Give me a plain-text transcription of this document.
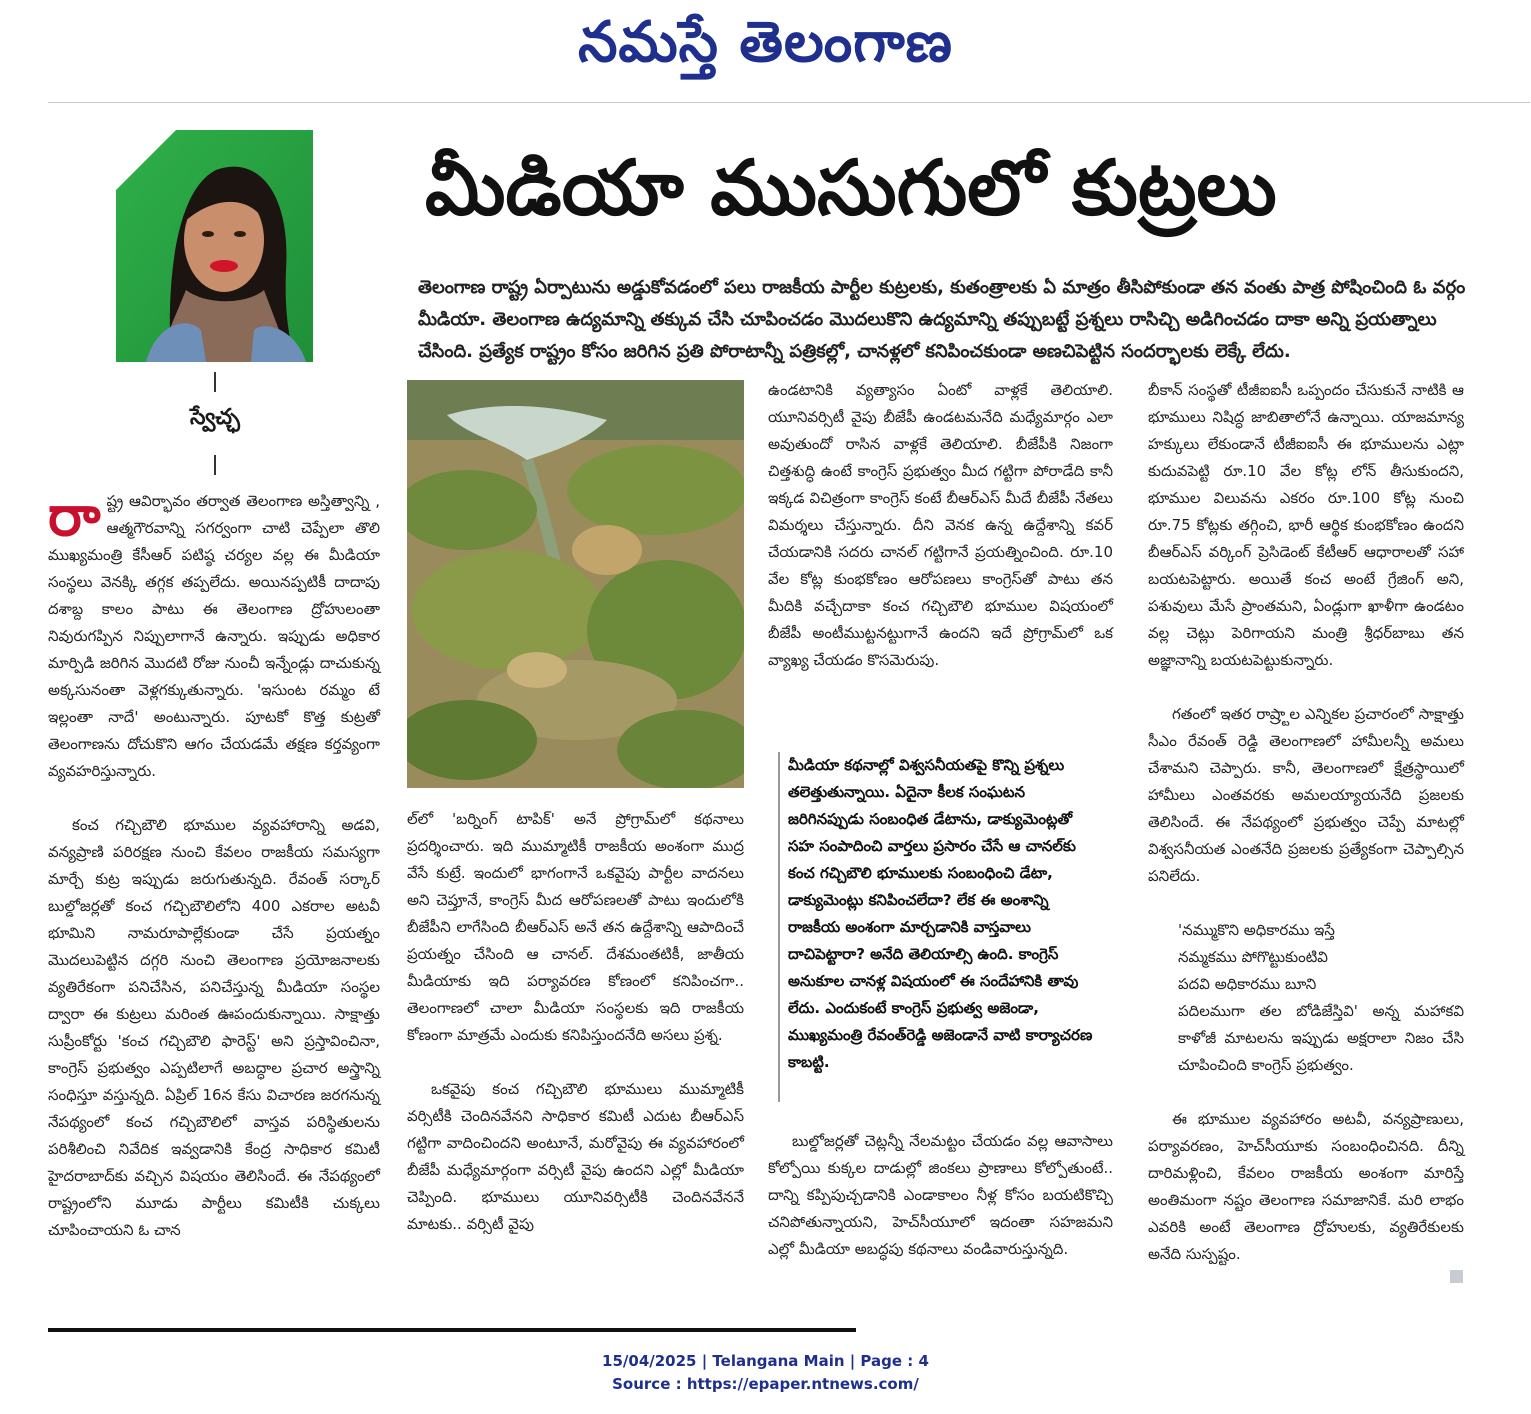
నమస్తే తెలంగాణ
స్వేచ్ఛ
మీడియా ముసుగులో కుట్రలు
తెలంగాణ రాష్ట్ర ఏర్పాటును అడ్డుకోవడంలో పలు రాజకీయ పార్టీల కుట్రలకు, కుతంత్రాలకు ఏ మాత్రం తీసిపోకుండా తన వంతు పాత్ర పోషించింది ఓ వర్గం మీడియా. తెలంగాణ ఉద్యమాన్ని తక్కువ చేసి చూపించడం మొదలుకొని ఉద్యమాన్ని తప్పుబట్టే ప్రశ్నలు రాసిచ్చి అడిగించడం దాకా అన్ని ప్రయత్నాలు చేసింది. ప్రత్యేక రాష్ట్రం కోసం జరిగిన ప్రతి పోరాటాన్నీ పత్రికల్లో, చానళ్లలో కనిపించకుండా అణచిపెట్టిన సందర్భాలకు లెక్కే లేదు.

రాష్ట్ర ఆవిర్భావం తర్వాత తెలంగాణ అస్తిత్వాన్ని , ఆత్మగౌరవాన్ని సగర్వంగా చాటి చెప్పేలా తొలి ముఖ్యమంత్రి కేసీఆర్ పటిష్ఠ చర్యల వల్ల ఈ మీడియా సంస్థలు వెనక్కి తగ్గక తప్పలేదు. అయినప్పటికీ దాదాపు దశాబ్ద కాలం పాటు ఈ తెలంగాణ ద్రోహులంతా నివురుగప్పిన నిప్పులాగానే ఉన్నారు. ఇప్పుడు అధికార మార్పిడి జరిగిన మొదటి రోజు నుంచీ ఇన్నేండ్లు దాచుకున్న అక్కసునంతా వెళ్లగక్కుతున్నారు. 'ఇసుంట రమ్మం టే ఇల్లంతా నాదే' అంటున్నారు. పూటకో కొత్త కుట్రతో తెలంగాణను దోచుకొని ఆగం చేయడమే తక్షణ కర్తవ్యంగా వ్యవహరిస్తున్నారు.

కంచ గచ్చిబౌలి భూముల వ్యవహారాన్ని అడవి, వన్యప్రాణి పరిరక్షణ నుంచి కేవలం రాజకీయ సమస్యగా మార్చే కుట్ర ఇప్పుడు జరుగుతున్నది. రేవంత్ సర్కార్ బుల్డోజర్లతో కంచ గచ్చిబౌలిలోని 400 ఎకరాల అటవీ భూమిని నామరూపాల్లేకుండా చేసే ప్రయత్నం మొదలుపెట్టిన దగ్గరి నుంచి తెలంగాణ ప్రయోజనాలకు వ్యతిరేకంగా పనిచేసిన, పనిచేస్తున్న మీడియా సంస్థల ద్వారా ఈ కుట్రలు మరింత ఊపందుకున్నాయి. సాక్షాత్తు సుప్రీంకోర్టు 'కంచ గచ్చిబౌలి ఫారెస్ట్' అని ప్రస్తావించినా, కాంగ్రెస్ ప్రభుత్వం ఎప్పటిలాగే అబద్ధాల ప్రచార అస్త్రాన్ని సంధిస్తూ వస్తున్నది. ఏప్రిల్ 16న కేసు విచారణ జరగనున్న నేపథ్యంలో కంచ గచ్చిబౌలిలో వాస్తవ పరిస్థితులను పరిశీలించి నివేదిక ఇవ్వడానికి కేంద్ర సాధికార కమిటీ హైదరాబాద్‌కు వచ్చిన విషయం తెలిసిందే. ఈ నేపథ్యంలో రాష్ట్రంలోని మూడు పార్టీలు కమిటీకి చుక్కలు చూపించాయని ఓ చాన

ల్‌లో 'బర్నింగ్ టాపిక్' అనే ప్రోగ్రామ్‌లో కథనాలు ప్రదర్శించారు. ఇది ముమ్మాటికీ రాజకీయ అంశంగా ముద్ర వేసే కుట్రే. ఇందులో భాగంగానే ఒకవైపు పార్టీల వాదనలు అని చెప్తూనే, కాంగ్రెస్ మీద ఆరోపణలతో పాటు ఇందులోకి బీజేపీని లాగేసింది బీఆర్ఎస్ అనే తన ఉద్దేశాన్ని ఆపాదించే ప్రయత్నం చేసింది ఆ చానల్. దేశమంతటికీ, జాతీయ మీడియాకు ఇది పర్యావరణ కోణంలో కనిపించగా.. తెలంగాణలో చాలా మీడియా సంస్థలకు ఇది రాజకీయ కోణంగా మాత్రమే ఎందుకు కనిపిస్తుందనేది అసలు ప్రశ్న.

ఒకవైపు కంచ గచ్చిబౌలి భూములు ముమ్మాటికీ వర్సిటీకి చెందినవేనని సాధికార కమిటీ ఎదుట బీఆర్ఎస్ గట్టిగా వాదించిందని అంటూనే, మరోవైపు ఈ వ్యవహారంలో బీజేపీ మధ్యేమార్గంగా వర్సిటీ వైపు ఉందని ఎల్లో మీడియా చెప్పింది. భూములు యూనివర్సిటీకి చెందినవేననే మాటకు.. వర్సిటీ వైపు

ఉండటానికి వ్యత్యాసం ఏంటో వాళ్లకే తెలియాలి. యూనివర్సిటీ వైపు బీజేపీ ఉండటమనేది మధ్యేమార్గం ఎలా అవుతుందో రాసిన వాళ్లకే తెలియాలి. బీజేపీకి నిజంగా చిత్తశుద్ధి ఉంటే కాంగ్రెస్ ప్రభుత్వం మీద గట్టిగా పోరాడేది కానీ ఇక్కడ విచిత్రంగా కాంగ్రెస్ కంటే బీఆర్ఎస్ మీదే బీజేపీ నేతలు విమర్శలు చేస్తున్నారు. దీని వెనక ఉన్న ఉద్దేశాన్ని కవర్ చేయడానికి సదరు చానల్ గట్టిగానే ప్రయత్నించింది. రూ.10 వేల కోట్ల కుంభకోణం ఆరోపణలు కాంగ్రెస్‌తో పాటు తన మీదికి వచ్చేదాకా కంచ గచ్చిబౌలి భూముల విషయంలో బీజేపీ అంటీముట్టనట్టుగానే ఉందని ఇదే ప్రోగ్రామ్‌లో ఒక వ్యాఖ్య చేయడం కొసమెరుపు.

మీడియా కథనాల్లో విశ్వసనీయతపై కొన్ని ప్రశ్నలు తలెత్తుతున్నాయి. ఏదైనా కీలక సంఘటన జరిగినప్పుడు సంబంధిత డేటాను, డాక్యుమెంట్లతో సహ సంపాదించి వార్తలు ప్రసారం చేసే ఆ చానల్‌కు కంచ గచ్చిబౌలి భూములకు సంబంధించి డేటా, డాక్యుమెంట్లు కనిపించలేదా? లేక ఈ అంశాన్ని రాజకీయ అంశంగా మార్చడానికి వాస్తవాలు దాచిపెట్టారా? అనేది తెలియాల్సి ఉంది. కాంగ్రెస్ అనుకూల చానళ్ల విషయంలో ఈ సందేహానికి తావు లేదు. ఎందుకంటే కాంగ్రెస్ ప్రభుత్వ అజెండా, ముఖ్యమంత్రి రేవంత్‌రెడ్డి అజెండానే వాటి కార్యాచరణ కాబట్టి.
బుల్డోజర్లతో చెట్లన్నీ నేలమట్టం చేయడం వల్ల ఆవాసాలు కోల్పోయి కుక్కల దాడుల్లో జింకలు ప్రాణాలు కోల్పోతుంటే.. దాన్ని కప్పిపుచ్చడానికి ఎండాకాలం నీళ్ల కోసం బయటికొచ్చి చనిపోతున్నాయని, హెచ్‌సీయూలో ఇదంతా సహజమని ఎల్లో మీడియా అబద్ధపు కథనాలు వండివారుస్తున్నది.

బీకాన్ సంస్థతో టీజీఐఐసీ ఒప్పందం చేసుకునే నాటికి ఆ భూములు నిషిద్ధ జాబితాలోనే ఉన్నాయి. యాజమాన్య హక్కులు లేకుండానే టీజీఐఐసీ ఈ భూములను ఎట్లా కుదువపెట్టి రూ.10 వేల కోట్ల లోన్ తీసుకుందని, భూముల విలువను ఎకరం రూ.100 కోట్ల నుంచి రూ.75 కోట్లకు తగ్గించి, భారీ ఆర్థిక కుంభకోణం ఉందని బీఆర్ఎస్ వర్కింగ్ ప్రెసిడెంట్ కేటీఆర్ ఆధారాలతో సహా బయటపెట్టారు. అయితే కంచ అంటే గ్రేజింగ్ అని, పశువులు మేసే ప్రాంతమని, ఏండ్లుగా ఖాళీగా ఉండటం వల్ల చెట్లు పెరిగాయని మంత్రి శ్రీధర్‌బాబు తన అజ్ఞానాన్ని బయటపెట్టుకున్నారు.

గతంలో ఇతర రాష్ర్టాల ఎన్నికల ప్రచారంలో సాక్షాత్తు సీఎం రేవంత్ రెడ్డి తెలంగాణలో హామీలన్నీ అమలు చేశామని చెప్పారు. కానీ, తెలంగాణలో క్షేత్రస్థాయిలో హామీలు ఎంతవరకు అమలయ్యాయనేది ప్రజలకు తెలిసిందే. ఈ నేపథ్యంలో ప్రభుత్వం చెప్పే మాటల్లో విశ్వసనీయత ఎంతనేది ప్రజలకు ప్రత్యేకంగా చెప్పాల్సిన పనిలేదు.

'నమ్ముకొని అధికారము ఇస్తే

నమ్మకము పోగొట్టుకుంటివి

పదవి అధికారము బూని

పదిలముగా తల బోడిజేస్తివి' అన్న మహాకవి కాళోజీ మాటలను ఇప్పుడు అక్షరాలా నిజం చేసి చూపించింది కాంగ్రెస్ ప్రభుత్వం.

ఈ భూముల వ్యవహారం అటవీ, వన్యప్రాణులు, పర్యావరణం, హెచ్‌సీయూకు సంబంధించినది. దీన్ని దారిమళ్లించి, కేవలం రాజకీయ అంశంగా మారిస్తే అంతిమంగా నష్టం తెలంగాణ సమాజానికే. మరి లాభం ఎవరికి అంటే తెలంగాణ ద్రోహులకు, వ్యతిరేకులకు అనేది సుస్పష్టం.

15/04/2025 | Telangana Main | Page : 4
Source : https://epaper.ntnews.com/
